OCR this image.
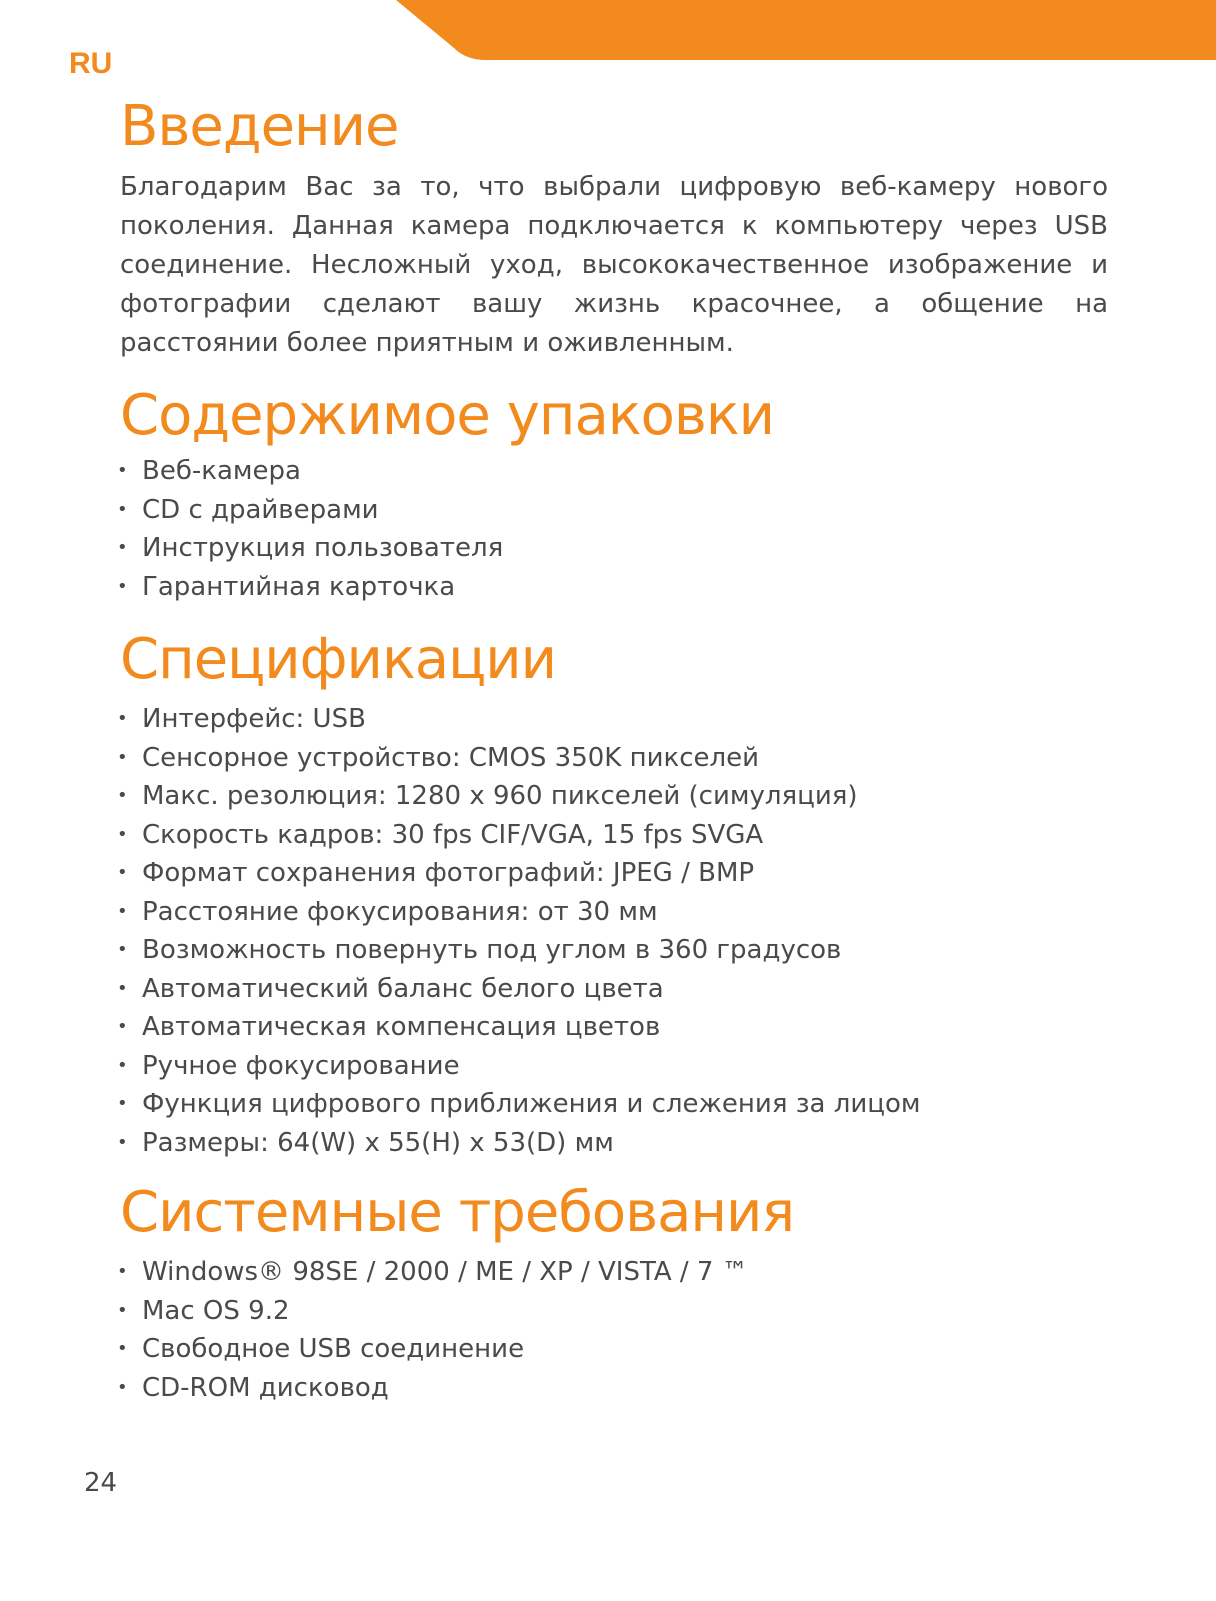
RU
Введение

Благодарим Вас за то, что выбрали цифровую веб-камеру нового поколения. Данная камера подключается к компьютеру через USB соединение. Несложный уход, высококачественное изображение и фотографии сделают вашу жизнь красочнее, а общение на расстоянии более приятным и оживленным.

Содержимое упаковки
• Веб-камера
• CD с драйверами
• Инструкция пользователя
• Гарантийная карточка
Спецификации
• Интерфейс: USB
• Сенсорное устройство: CMOS 350K пикселей
• Макс. резолюция: 1280 x 960 пикселей (симуляция)
• Скорость кадров: 30 fps CIF/VGA, 15 fps SVGA
• Формат сохранения фотографий: JPEG / BMP
• Расстояние фокусирования: от 30 мм
• Возможность повернуть под углом в 360 градусов
• Автоматический баланс белого цвета
• Автоматическая компенсация цветов
• Ручное фокусирование
• Функция цифрового приближения и слежения за лицом
• Размеры: 64(W) x 55(H) x 53(D) мм
Системные требования
• Windows® 98SE / 2000 / ME / XP / VISTA / 7 ™
• Mac OS 9.2
• Свободное USB соединение
• CD-ROM дисковод
24
